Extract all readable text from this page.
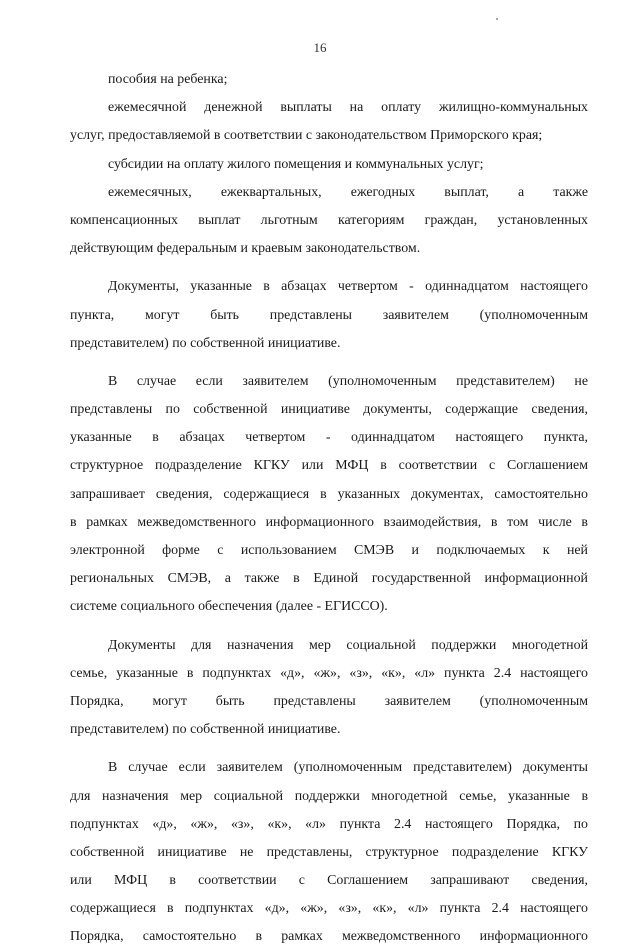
16
пособия на ребенка;
ежемесячной денежной выплаты на оплату жилищно-коммунальных
услуг, предоставляемой в соответствии с законодательством Приморского края;
субсидии на оплату жилого помещения и коммунальных услуг;
ежемесячных, ежеквартальных, ежегодных выплат, а также
компенсационных выплат льготным категориям граждан, установленных
действующим федеральным и краевым законодательством.
Документы, указанные в абзацах четвертом - одиннадцатом настоящего
пункта, могут быть представлены заявителем (уполномоченным
представителем) по собственной инициативе.
В случае если заявителем (уполномоченным представителем) не
представлены по собственной инициативе документы, содержащие сведения,
указанные в абзацах четвертом - одиннадцатом настоящего пункта,
структурное подразделение КГКУ или МФЦ в соответствии с Соглашением
запрашивает сведения, содержащиеся в указанных документах, самостоятельно
в рамках межведомственного информационного взаимодействия, в том числе в
электронной форме с использованием СМЭВ и подключаемых к ней
региональных СМЭВ, а также в Единой государственной информационной
системе социального обеспечения (далее - ЕГИССО).
Документы для назначения мер социальной поддержки многодетной
семье, указанные в подпунктах «д», «ж», «з», «к», «л» пункта 2.4 настоящего
Порядка, могут быть представлены заявителем (уполномоченным
представителем) по собственной инициативе.
В случае если заявителем (уполномоченным представителем) документы
для назначения мер социальной поддержки многодетной семье, указанные в
подпунктах «д», «ж», «з», «к», «л» пункта 2.4 настоящего Порядка, по
собственной инициативе не представлены, структурное подразделение КГКУ
или МФЦ в соответствии с Соглашением запрашивают сведения,
содержащиеся в подпунктах «д», «ж», «з», «к», «л» пункта 2.4 настоящего
Порядка, самостоятельно в рамках межведомственного информационного
